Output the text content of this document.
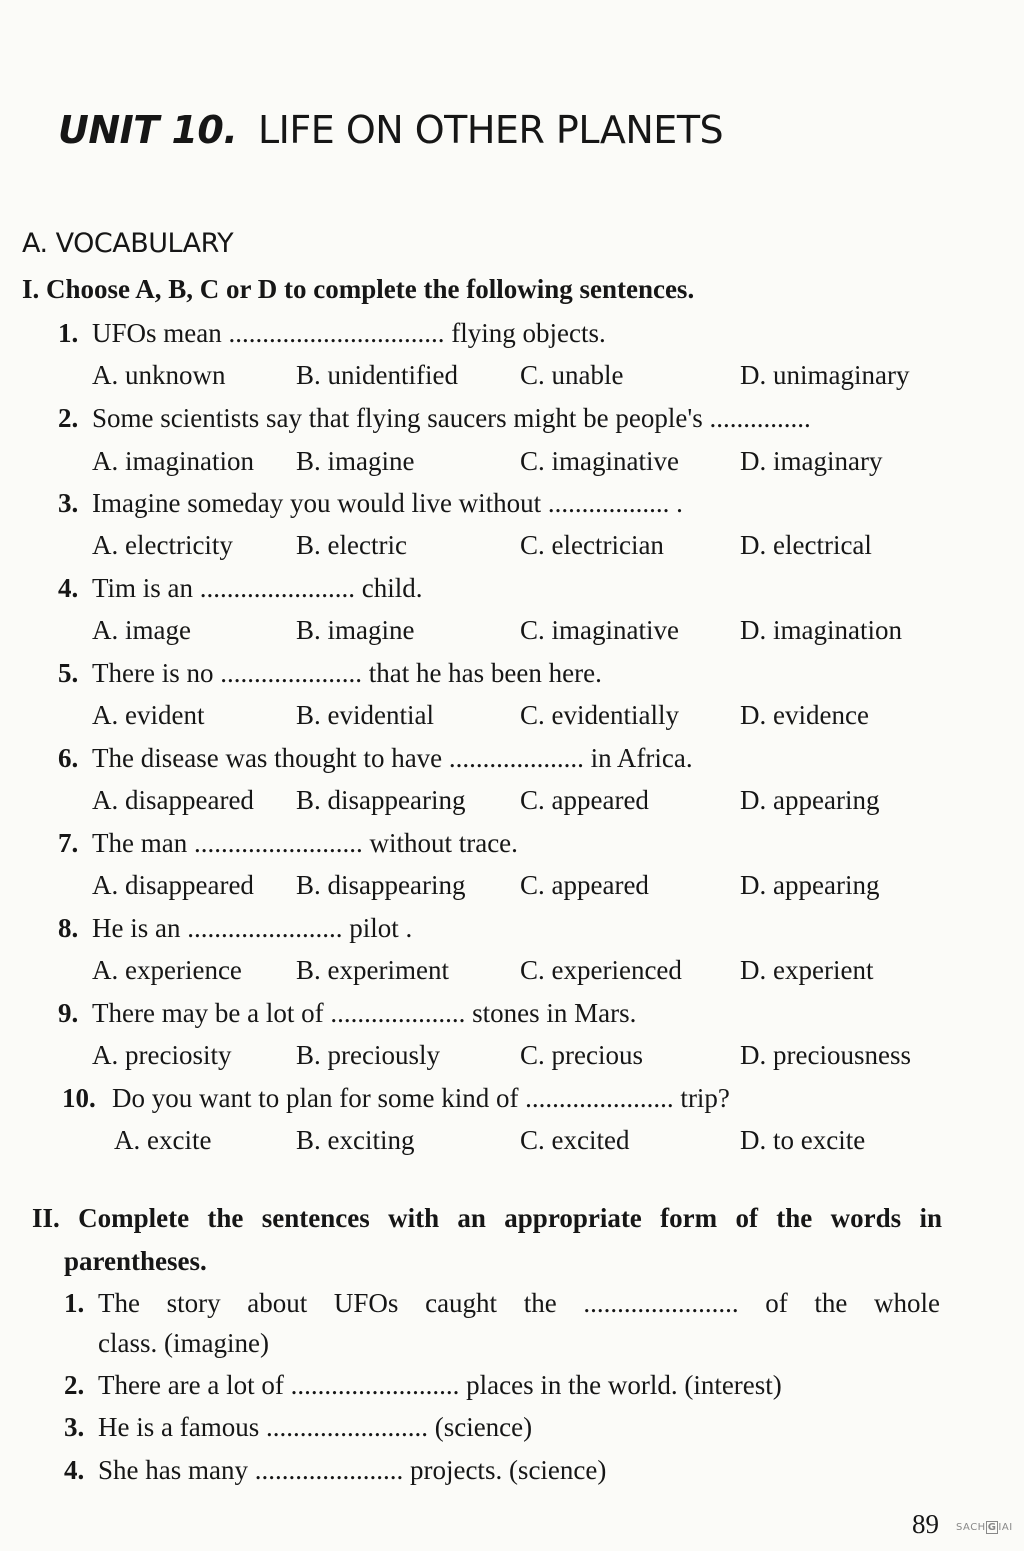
UNIT 10. LIFE ON OTHER PLANETS
A. VOCABULARY
I. Choose A, B, C or D to complete the following sentences.
1. UFOs mean ................................ flying objects.
A. unknown	B. unidentified C. unable	D. unimaginary
2. Some scientists say that flying saucers might be people's ...............
A. imagination B. imagine	C. imaginative D. imaginary
3. Imagine someday you would live without .................. .
A. electricity B. electric	C. electrician	D. electrical
4. Tim is an ....................... child.
A. image	B. imagine	C. imaginative D. imagination
5. There is no ..................... that he has been here.
A. evident	B. evidential	C. evidentially D. evidence
6. The disease was thought to have .................... in Africa.
A. disappeared B. disappearing C. appeared	D. appearing
7. The man ......................... without trace.
A. disappeared B. disappearing C. appeared	D. appearing
8. He is an ....................... pilot .
A. experience B. experiment	C. experienced D. experient
9. There may be a lot of .................... stones in Mars.
A. preciosity B. preciously	C. precious	D. preciousness
10. Do you want to plan for some kind of ...................... trip?
A. excite	B. exciting	C. excited	D. to excite
II. Complete the sentences with an appropriate form of the words in
parentheses.
1. The story about UFOs caught the ....................... of the whole
class. (imagine)
2. There are a lot of ......................... places in the world. (interest)
3. He is a famous ........................ (science)
4. She has many ...................... projects. (science)
89 SACH G IAI
